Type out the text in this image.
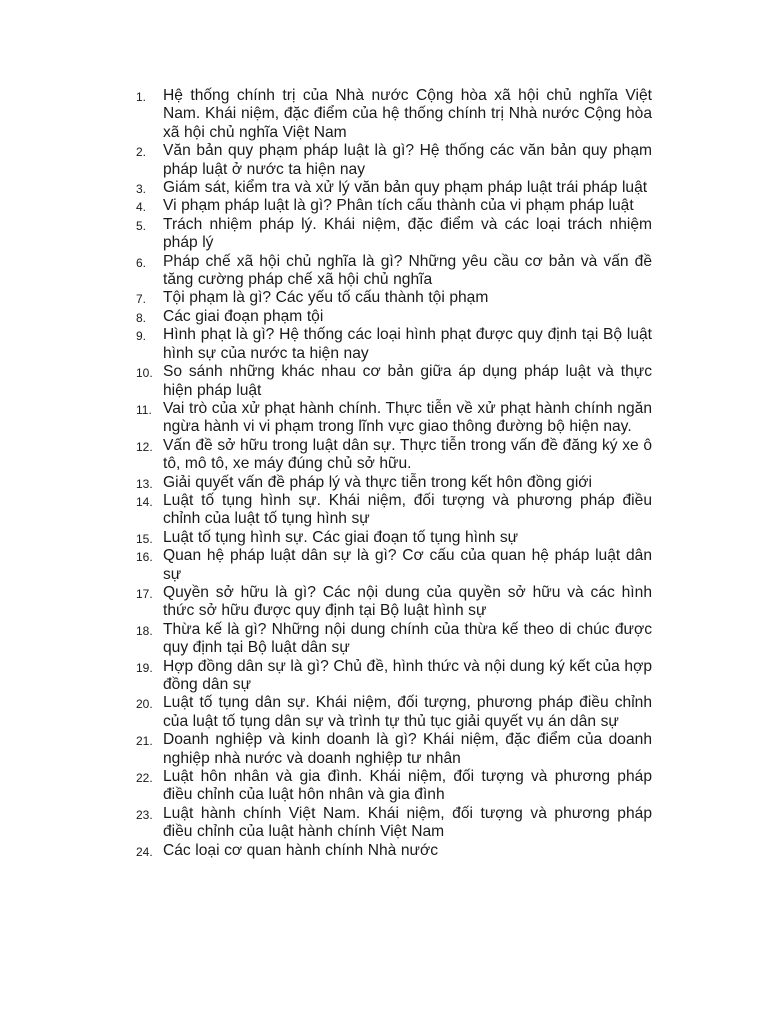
1. Hệ thống chính trị của Nhà nước Cộng hòa xã hội chủ nghĩa Việt Nam. Khái niệm, đặc điểm của hệ thống chính trị Nhà nước Cộng hòa xã hội chủ nghĩa Việt Nam
2. Văn bản quy phạm pháp luật là gì? Hệ thống các văn bản quy phạm pháp luật ở nước ta hiện nay
3. Giám sát, kiểm tra và xử lý văn bản quy phạm pháp luật trái pháp luật
4. Vi phạm pháp luật là gì? Phân tích cấu thành của vi phạm pháp luật
5. Trách nhiệm pháp lý. Khái niệm, đặc điểm và các loại trách nhiệm pháp lý
6. Pháp chế xã hội chủ nghĩa là gì? Những yêu cầu cơ bản và vấn đề tăng cường pháp chế xã hội chủ nghĩa
7. Tội phạm là gì? Các yếu tố cấu thành tội phạm
8. Các giai đoạn phạm tội
9. Hình phạt là gì? Hệ thống các loại hình phạt được quy định tại Bộ luật hình sự của nước ta hiện nay
10. So sánh những khác nhau cơ bản giữa áp dụng pháp luật và thực hiện pháp luật
11. Vai trò của xử phạt hành chính. Thực tiễn về xử phạt hành chính ngăn ngừa hành vi vi phạm trong lĩnh vực giao thông đường bộ hiện nay.
12. Vấn đề sở hữu trong luật dân sự. Thực tiễn trong vấn đề đăng ký xe ô tô, mô tô, xe máy đúng chủ sở hữu.
13. Giải quyết vấn đề pháp lý và thực tiễn trong kết hôn đồng giới
14. Luật tố tụng hình sự. Khái niệm, đối tượng và phương pháp điều chỉnh của luật tố tụng hình sự
15. Luật tố tụng hình sự. Các giai đoạn tố tụng hình sự
16. Quan hệ pháp luật dân sự là gì? Cơ cấu của quan hệ pháp luật dân sự
17. Quyền sở hữu là gì? Các nội dung của quyền sở hữu và các hình thức sở hữu được quy định tại Bộ luật hình sự
18. Thừa kế là gì? Những nội dung chính của thừa kế theo di chúc được quy định tại Bộ luật dân sự
19. Hợp đồng dân sự là gì? Chủ đề, hình thức và nội dung ký kết của hợp đồng dân sự
20. Luật tố tụng dân sự. Khái niệm, đối tượng, phương pháp điều chỉnh của luật tố tụng dân sự và trình tự thủ tục giải quyết vụ án dân sự
21. Doanh nghiệp và kinh doanh là gì? Khái niệm, đặc điểm của doanh nghiệp nhà nước và doanh nghiệp tư nhân
22. Luật hôn nhân và gia đình. Khái niệm, đối tượng và phương pháp điều chỉnh của luật hôn nhân và gia đình
23. Luật hành chính Việt Nam. Khái niệm, đối tượng và phương pháp điều chỉnh của luật hành chính Việt Nam
24. Các loại cơ quan hành chính Nhà nước
